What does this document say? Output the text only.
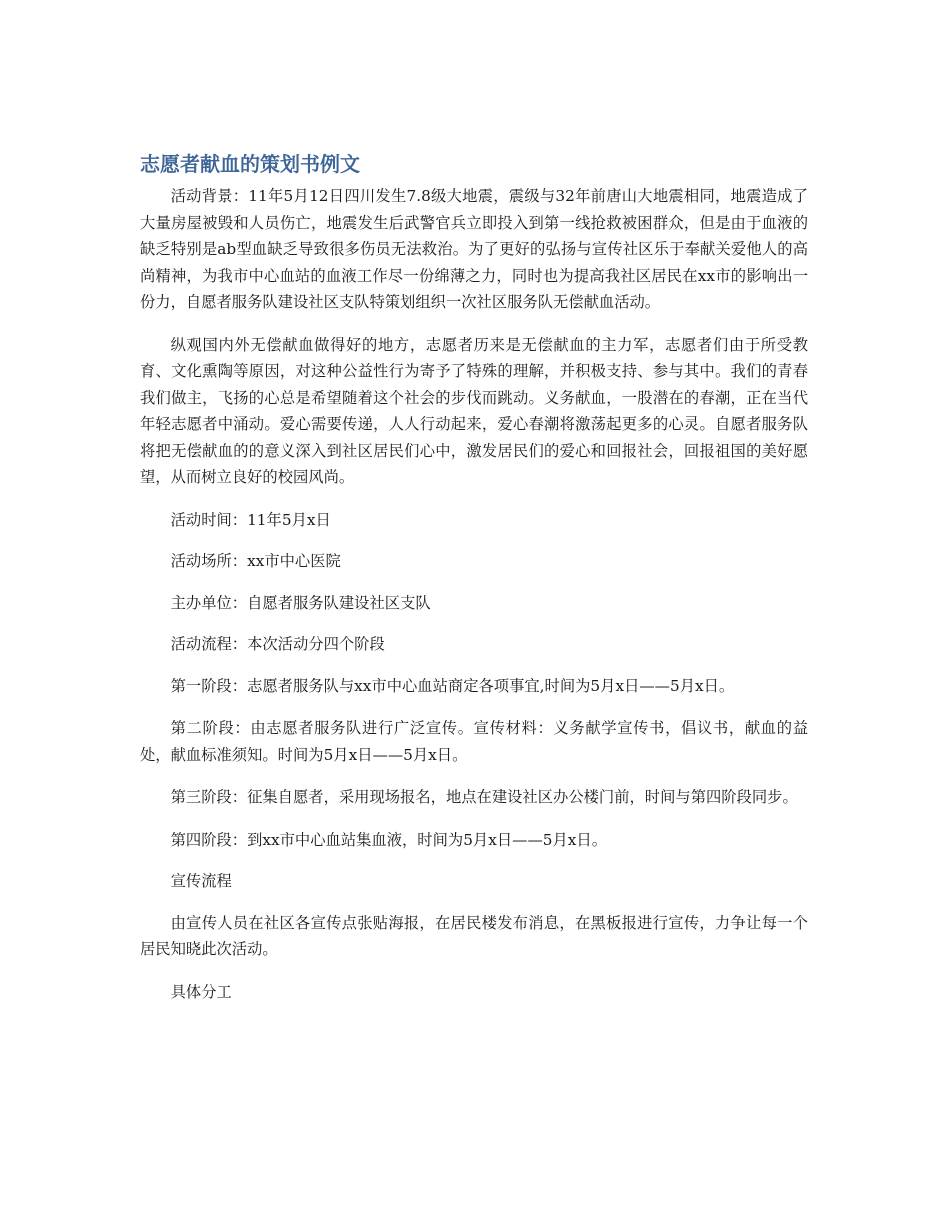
志愿者献血的策划书例文

活动背景：11年5月12日四川发生7.8级大地震，震级与32年前唐山大地震相同，地震造成了大量房屋被毁和人员伤亡，地震发生后武警官兵立即投入到第一线抢救被困群众，但是由于血液的缺乏特别是ab型血缺乏导致很多伤员无法救治。为了更好的弘扬与宣传社区乐于奉献关爱他人的高尚精神，为我市中心血站的血液工作尽一份绵薄之力，同时也为提高我社区居民在xx市的影响出一份力，自愿者服务队建设社区支队特策划组织一次社区服务队无偿献血活动。

纵观国内外无偿献血做得好的地方，志愿者历来是无偿献血的主力军，志愿者们由于所受教育、文化熏陶等原因，对这种公益性行为寄予了特殊的理解，并积极支持、参与其中。我们的青春我们做主，飞扬的心总是希望随着这个社会的步伐而跳动。义务献血，一股潜在的春潮，正在当代年轻志愿者中涌动。爱心需要传递，人人行动起来，爱心春潮将激荡起更多的心灵。自愿者服务队将把无偿献血的的意义深入到社区居民们心中，激发居民们的爱心和回报社会，回报祖国的美好愿望，从而树立良好的校园风尚。

活动时间：11年5月x日

活动场所：xx市中心医院

主办单位：自愿者服务队建设社区支队

活动流程：本次活动分四个阶段

第一阶段：志愿者服务队与xx市中心血站商定各项事宜,时间为5月x日——5月x日。

第二阶段：由志愿者服务队进行广泛宣传。宣传材料：义务献学宣传书，倡议书，献血的益处，献血标准须知。时间为5月x日——5月x日。

第三阶段：征集自愿者，采用现场报名，地点在建设社区办公楼门前，时间与第四阶段同步。

第四阶段：到xx市中心血站集血液，时间为5月x日——5月x日。

宣传流程

由宣传人员在社区各宣传点张贴海报，在居民楼发布消息，在黑板报进行宣传，力争让每一个居民知晓此次活动。

具体分工
